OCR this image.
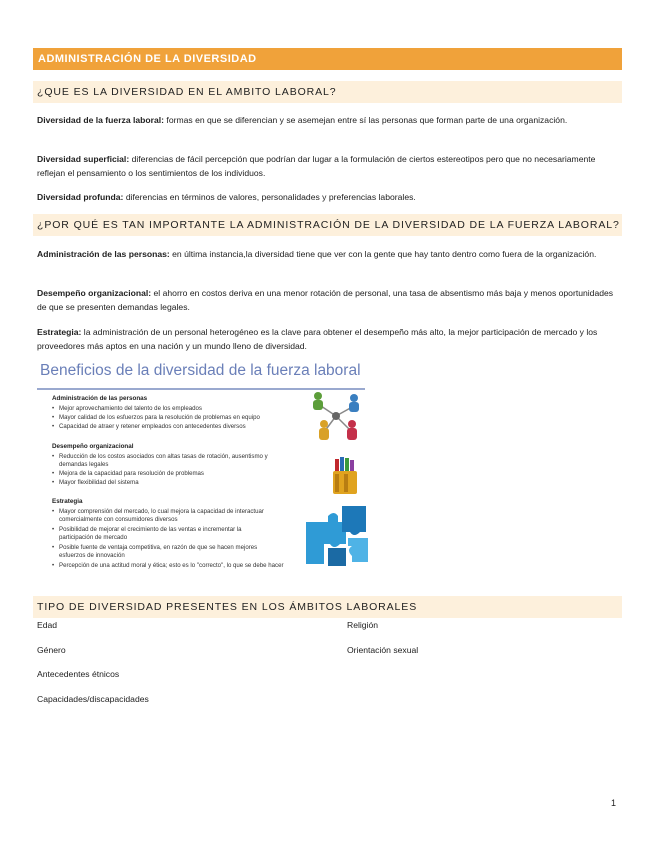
ADMINISTRACIÓN DE LA DIVERSIDAD
¿QUE ES LA DIVERSIDAD EN EL AMBITO LABORAL?
Diversidad de la fuerza laboral: formas en que se diferencian y se asemejan entre sí las personas que forman parte de una organización.
Diversidad superficial: diferencias de fácil percepción que podrían dar lugar a la formulación de ciertos estereotipos pero que no necesariamente reflejan el pensamiento o los sentimientos de los individuos.
Diversidad profunda: diferencias en términos de valores, personalidades y preferencias laborales.
¿POR QUÉ ES TAN IMPORTANTE LA ADMINISTRACIÓN DE LA DIVERSIDAD DE LA FUERZA LABORAL?
Administración de las personas: en última instancia,la diversidad tiene que ver con la gente que hay tanto dentro como fuera de la organización.
Desempeño organizacional: el ahorro en costos deriva en una menor rotación de personal, una tasa de absentismo más baja y menos oportunidades de que se presenten demandas legales.
Estrategia: la administración de un personal heterogéneo es la clave para obtener el desempeño más alto, la mejor participación de mercado y los proveedores más aptos en una nación y un mundo lleno de diversidad.
Beneficios de la diversidad de la fuerza laboral
Administración de las personas
• Mejor aprovechamiento del talento de los empleados
• Mayor calidad de los esfuerzos para la resolución de problemas en equipo
• Capacidad de atraer y retener empleados con antecedentes diversos
Desempeño organizacional
• Reducción de los costos asociados con altas tasas de rotación, ausentismo y demandas legales
• Mejora de la capacidad para resolución de problemas
• Mayor flexibilidad del sistema
Estrategia
• Mayor comprensión del mercado, lo cual mejora la capacidad de interactuar comercialmente con consumidores diversos
• Posibilidad de mejorar el crecimiento de las ventas e incrementar la participación de mercado
• Posible fuente de ventaja competitiva, en razón de que se hacen mejores esfuerzos de innovación
• Percepción de una actitud moral y ética; esto es lo "correcto", lo que se debe hacer
TIPO DE DIVERSIDAD PRESENTES EN LOS ÁMBITOS LABORALES
Edad
Género
Antecedentes étnicos
Capacidades/discapacidades
Religión
Orientación sexual
1
